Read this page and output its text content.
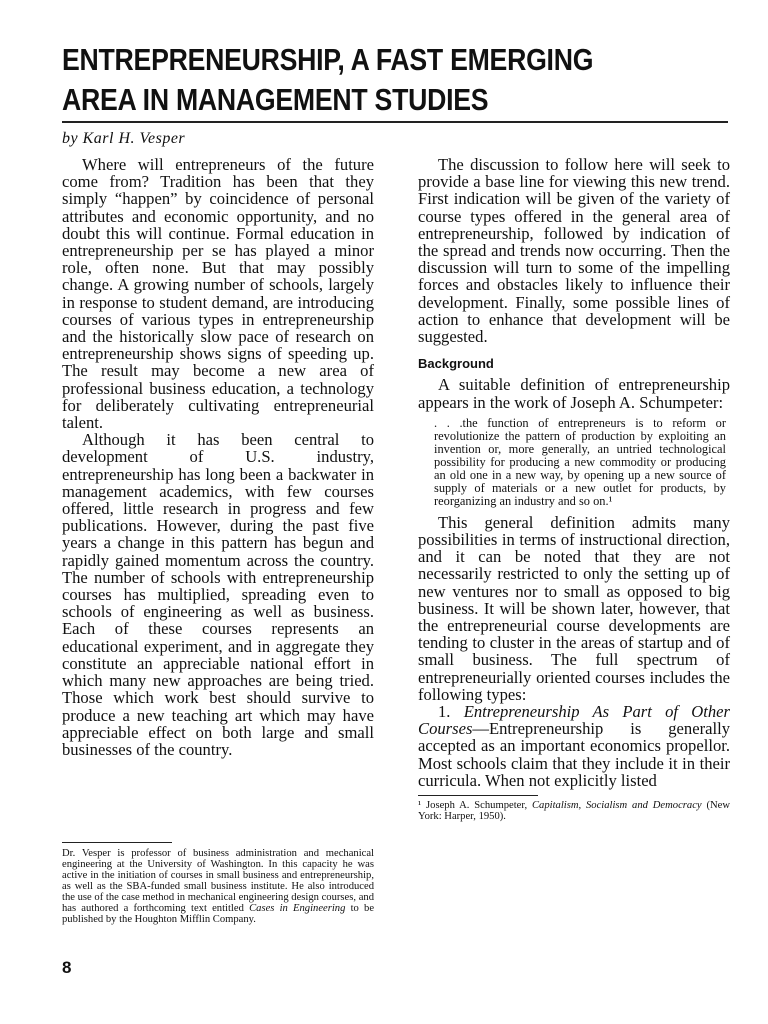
ENTREPRENEURSHIP, A FAST EMERGING
AREA IN MANAGEMENT STUDIES
by Karl H. Vesper

Where will entrepreneurs of the future come from? Tradition has been that they simply “happen” by coincidence of personal attributes and economic opportunity, and no doubt this will continue. Formal education in entrepreneurship per se has played a minor role, often none. But that may possibly change. A growing number of schools, largely in response to student demand, are introducing courses of various types in entrepreneurship and the historically slow pace of research on entrepreneurship shows signs of speeding up. The result may become a new area of professional business education, a technology for deliberately cultivating entrepreneurial talent.

Although it has been central to development of U.S. industry, entrepreneurship has long been a backwater in management academics, with few courses offered, little research in progress and few publications. However, during the past five years a change in this pattern has begun and rapidly gained momentum across the country. The number of schools with entrepreneurship courses has multiplied, spreading even to schools of engineering as well as business. Each of these courses represents an educational experiment, and in aggregate they constitute an appreciable national effort in which many new approaches are being tried. Those which work best should survive to produce a new teaching art which may have appreciable effect on both large and small businesses of the country.

Dr. Vesper is professor of business administration and mechanical engineering at the University of Washington. In this capacity he was active in the initiation of courses in small business and entrepreneurship, as well as the SBA-funded small business institute. He also introduced the use of the case method in mechanical engineering design courses, and has authored a forthcoming text entitled Cases in Engineering to be published by the Houghton Mifflin Company.
8

The discussion to follow here will seek to provide a base line for viewing this new trend. First indication will be given of the variety of course types offered in the general area of entrepreneurship, followed by indication of the spread and trends now occurring. Then the discussion will turn to some of the impelling forces and obstacles likely to influence their development. Finally, some possible lines of action to enhance that development will be suggested.

Background

A suitable definition of entrepreneurship appears in the work of Joseph A. Schumpeter:

. . .the function of entrepreneurs is to reform or revolutionize the pattern of production by exploiting an invention or, more generally, an untried technological possibility for producing a new commodity or producing an old one in a new way, by opening up a new source of supply of materials or a new outlet for products, by reorganizing an industry and so on.¹

This general definition admits many possibilities in terms of instructional direction, and it can be noted that they are not necessarily restricted to only the setting up of new ventures nor to small as opposed to big business. It will be shown later, however, that the entrepreneurial course developments are tending to cluster in the areas of startup and of small business. The full spectrum of entrepreneurially oriented courses includes the following types:

1. Entrepreneurship As Part of Other Courses—Entrepreneurship is generally accepted as an important economics propellor. Most schools claim that they include it in their curricula. When not explicitly listed

¹ Joseph A. Schumpeter, Capitalism, Socialism and Democracy (New York: Harper, 1950).
